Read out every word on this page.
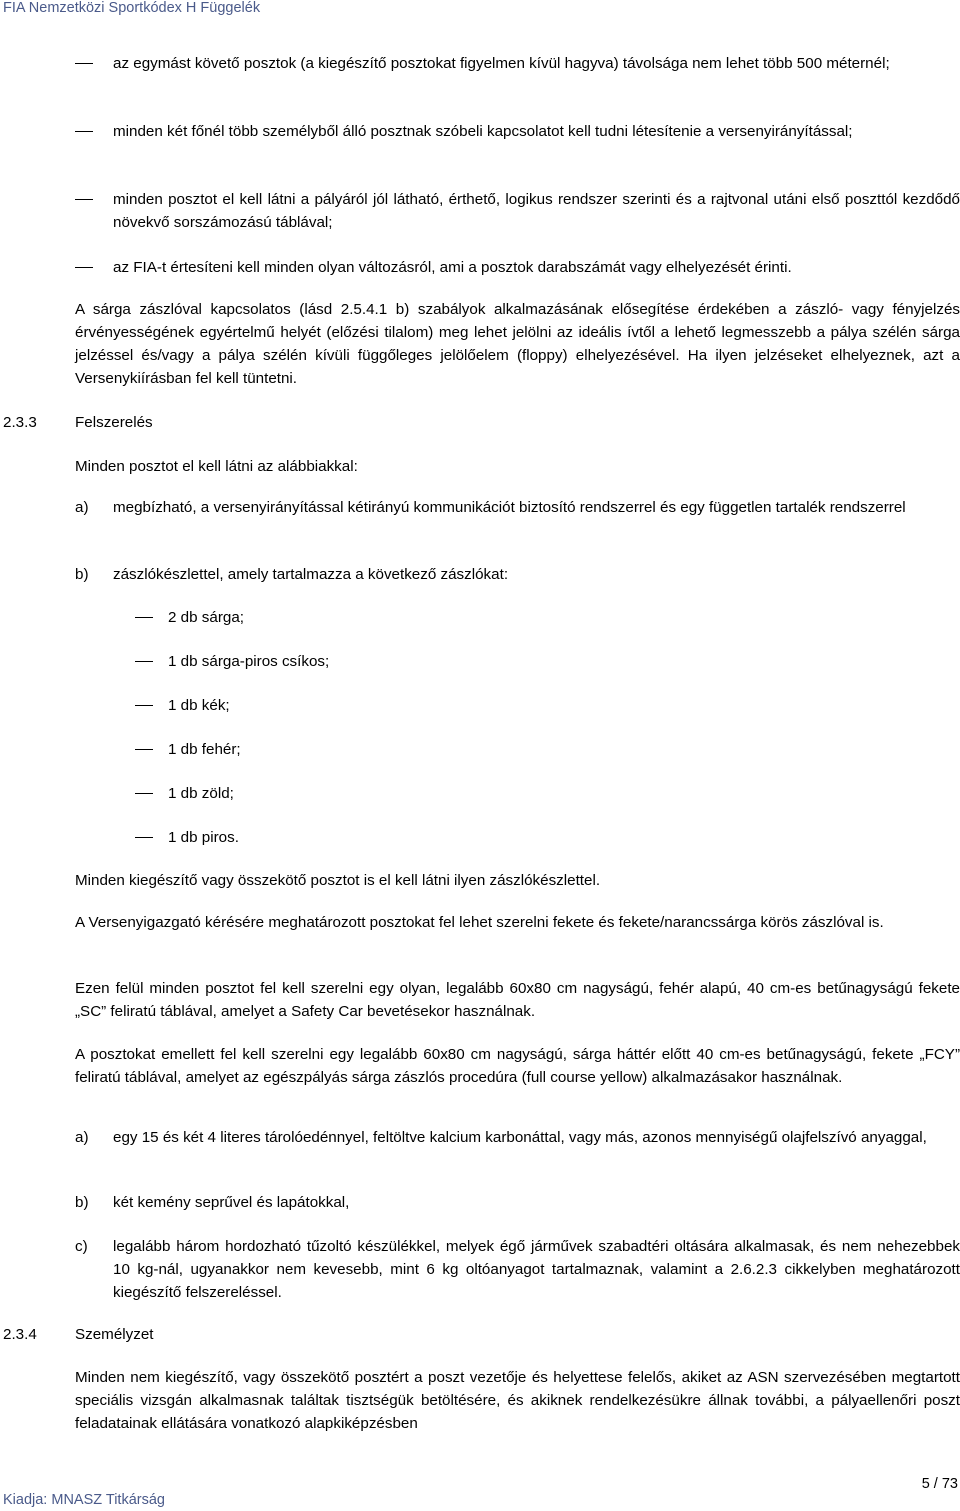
FIA Nemzetközi Sportkódex H Függelék
az egymást követő posztok (a kiegészítő posztokat figyelmen kívül hagyva) távolsága nem lehet több 500 méternél;
minden két főnél több személyből álló posztnak szóbeli kapcsolatot kell tudni létesítenie a versenyirányítással;
minden posztot el kell látni a pályáról jól látható, érthető, logikus rendszer szerinti és a rajtvonal utáni első poszttól kezdődő növekvő sorszámozású táblával;
az FIA-t értesíteni kell minden olyan változásról, ami a posztok darabszámát vagy elhelyezését érinti.
A sárga zászlóval kapcsolatos (lásd 2.5.4.1 b) szabályok alkalmazásának elősegítése érdekében a zászló- vagy fényjelzés érvényességének egyértelmű helyét (előzési tilalom) meg lehet jelölni az ideális ívtől a lehető legmesszebb a pálya szélén sárga jelzéssel és/vagy a pálya szélén kívüli függőleges jelölőelem (floppy) elhelyezésével. Ha ilyen jelzéseket elhelyeznek, azt a Versenykiírásban fel kell tüntetni.
2.3.3	Felszerelés
Minden posztot el kell látni az alábbiakkal:
a) megbízható, a versenyirányítással kétirányú kommunikációt biztosító rendszerrel és egy független tartalék rendszerrel
b) zászlókészlettel, amely tartalmazza a következő zászlókat:
2 db sárga;
1 db sárga-piros csíkos;
1 db kék;
1 db fehér;
1 db zöld;
1 db piros.
Minden kiegészítő vagy összekötő posztot is el kell látni ilyen zászlókészlettel.
A Versenyigazgató kérésére meghatározott posztokat fel lehet szerelni fekete és fekete/narancssárga körös zászlóval is.
Ezen felül minden posztot fel kell szerelni egy olyan, legalább 60x80 cm nagyságú, fehér alapú, 40 cm-es betűnagyságú fekete „SC” feliratú táblával, amelyet a Safety Car bevetésekor használnak.
A posztokat emellett fel kell szerelni egy legalább 60x80 cm nagyságú, sárga háttér előtt 40 cm-es betűnagyságú, fekete „FCY” feliratú táblával, amelyet az egészpályás sárga zászlós procedúra (full course yellow) alkalmazásakor használnak.
a) egy 15 és két 4 literes tárolóedénnyel, feltöltve kalcium karbonáttal, vagy más, azonos mennyiségű olajfelszívó anyaggal,
b) két kemény seprűvel és lapátokkal,
c) legalább három hordozható tűzoltó készülékkel, melyek égő járművek szabadtéri oltására alkalmasak, és nem nehezebbek 10 kg-nál, ugyanakkor nem kevesebb, mint 6 kg oltóanyagot tartalmaznak, valamint a 2.6.2.3 cikkelyben meghatározott kiegészítő felszereléssel.
2.3.4	Személyzet
Minden nem kiegészítő, vagy összekötő posztért a poszt vezetője és helyettese felelős, akiket az ASN szervezésében megtartott speciális vizsgán alkalmasnak találtak tisztségük betöltésére, és akiknek rendelkezésükre állnak további, a pályaellenőri poszt feladatainak ellátására vonatkozó alapkiképzésben
5 / 73
Kiadja: MNASZ Titkárság
